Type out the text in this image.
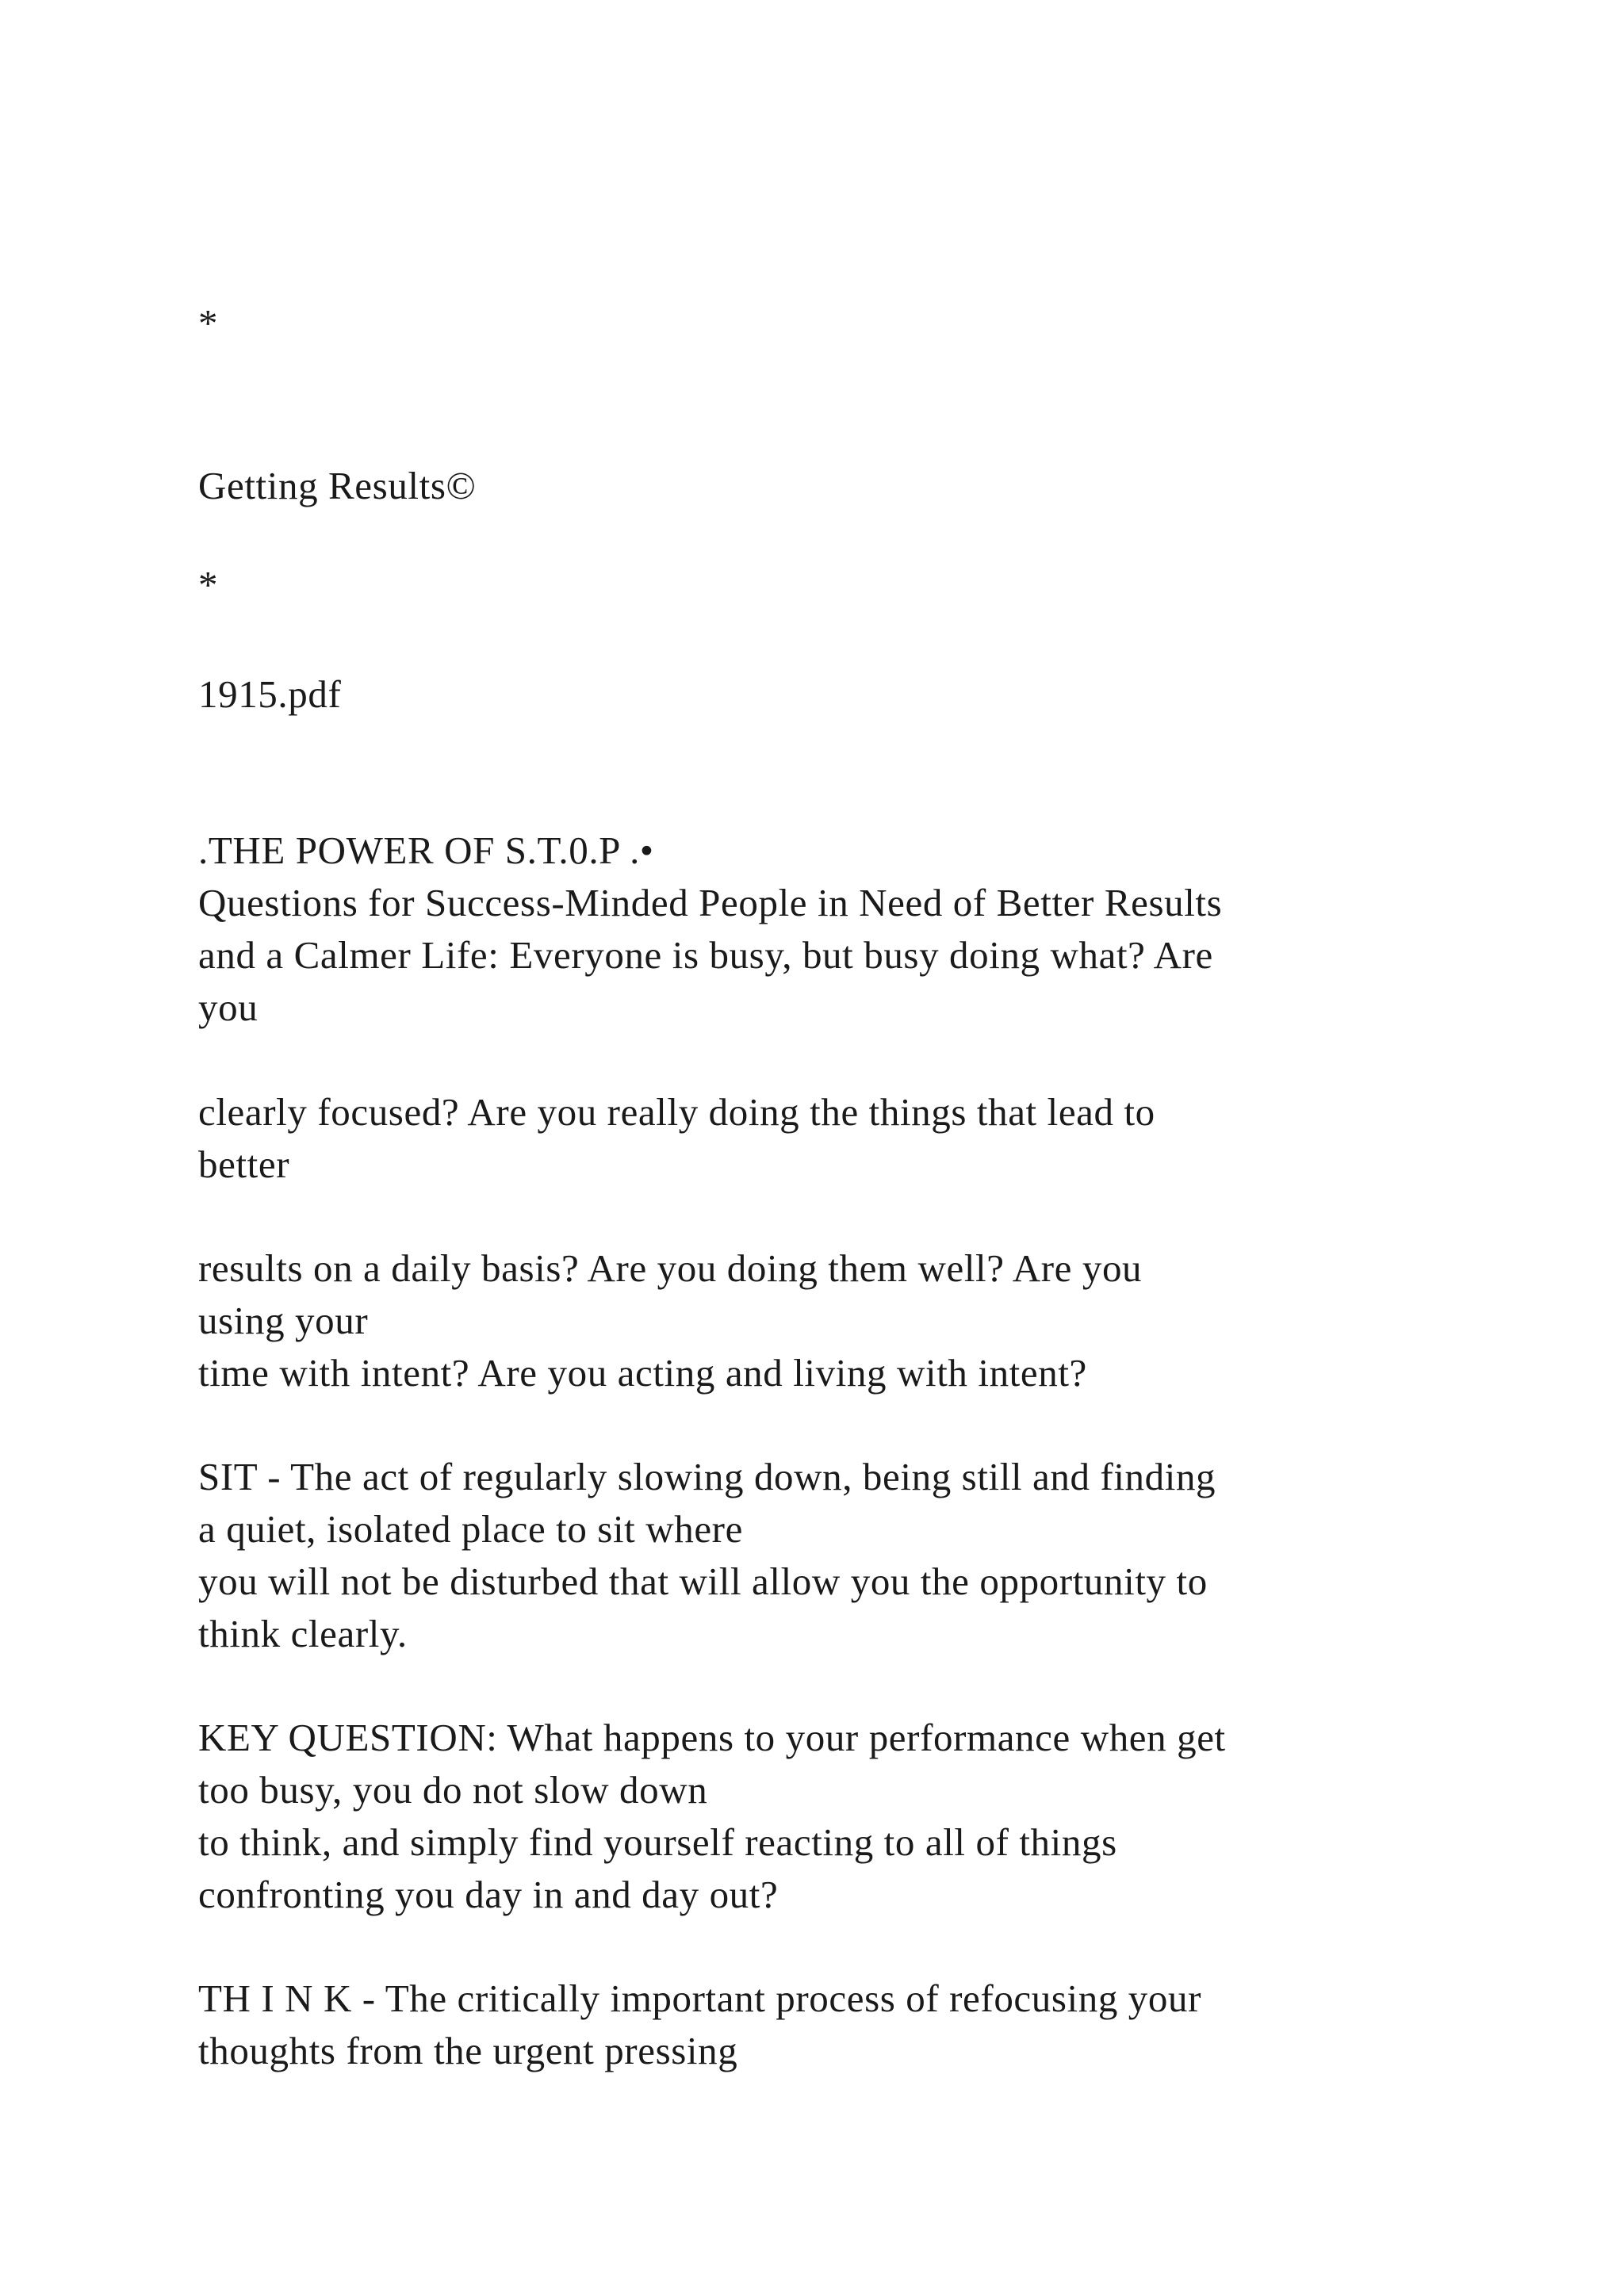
*
Getting Results©
*
1915.pdf
.THE POWER OF S.T.0.P .•
Questions for Success-Minded People in Need of Better Results
and a Calmer Life: Everyone is busy, but busy doing what? Are
you
clearly focused? Are you really doing the things that lead to
better
results on a daily basis? Are you doing them well? Are you
using your
time with intent? Are you acting and living with intent?
SIT - The act of regularly slowing down, being still and finding
a quiet, isolated place to sit where
you will not be disturbed that will allow you the opportunity to
think clearly.
KEY QUESTION: What happens to your performance when get
too busy, you do not slow down
to think, and simply find yourself reacting to all of things
confronting you day in and day out?
TH I N K - The critically important process of refocusing your
thoughts from the urgent pressing
